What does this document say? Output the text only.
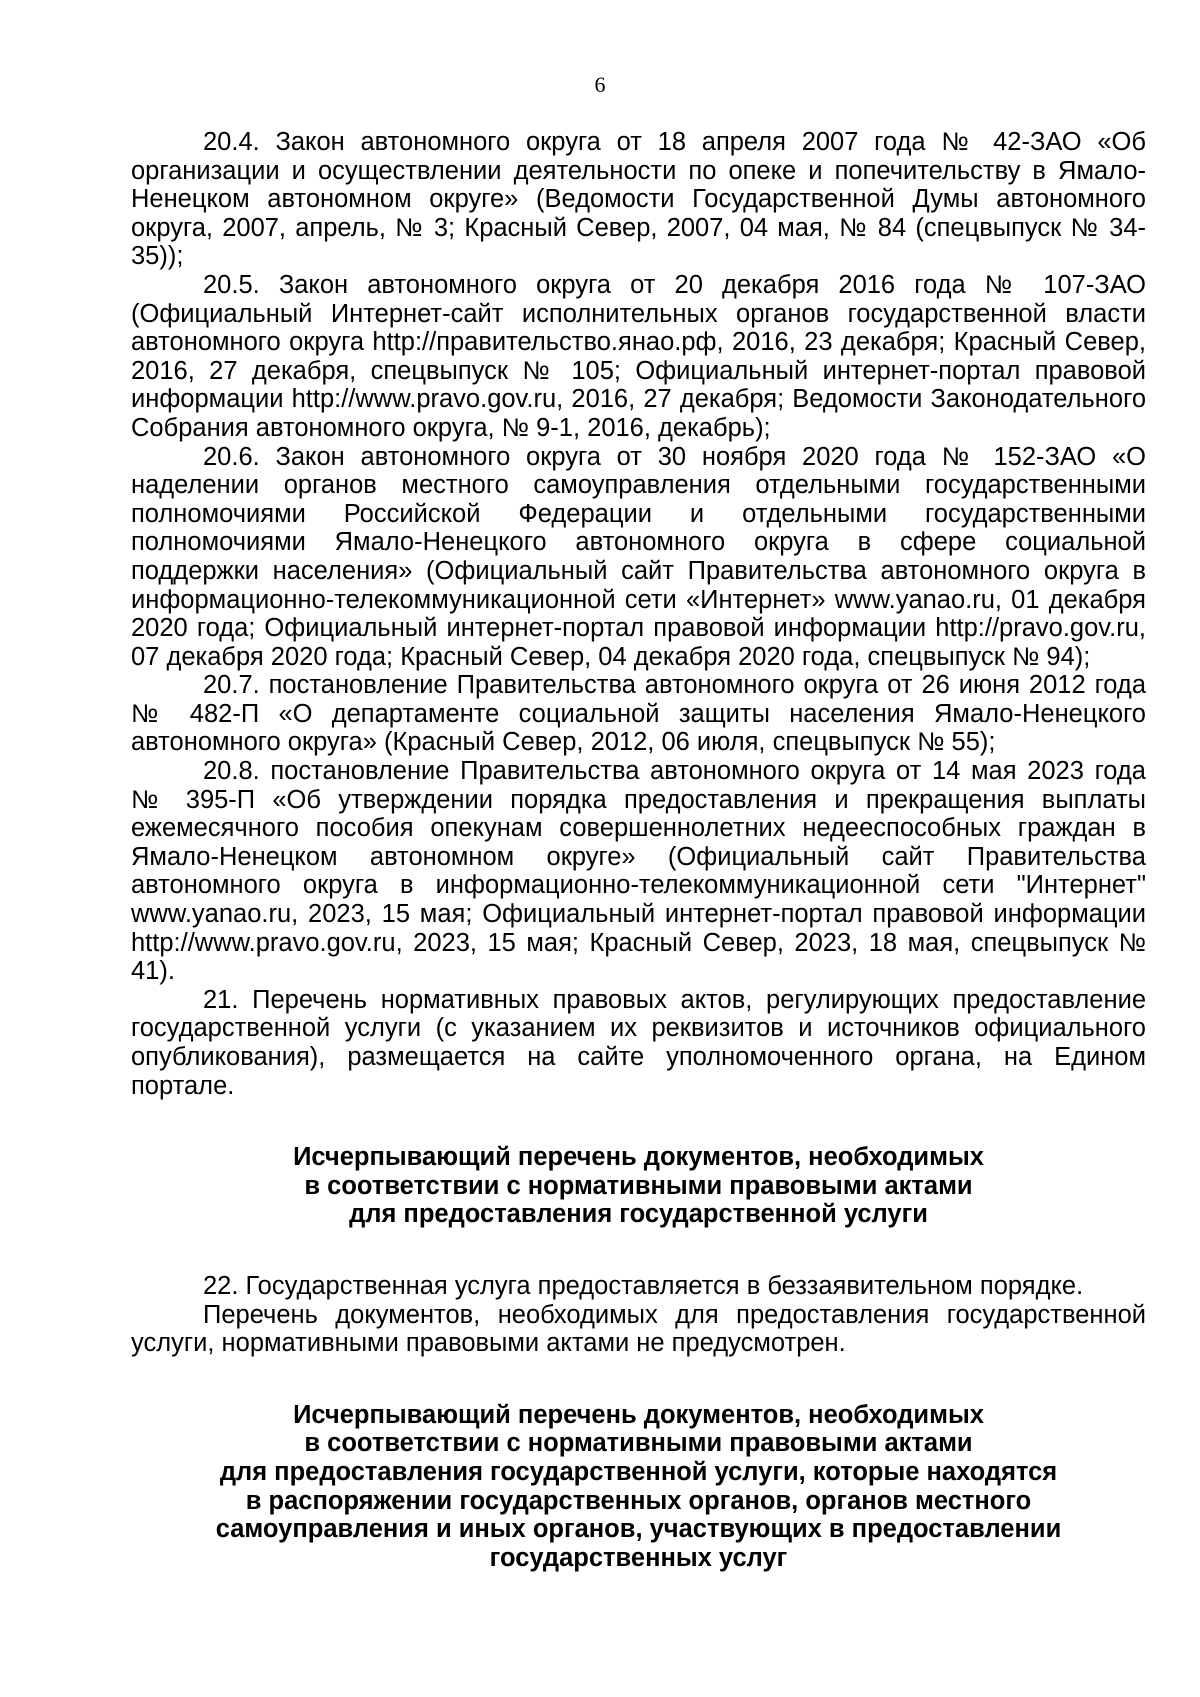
6

20.4. Закон автономного округа от 18 апреля 2007 года № 42-ЗАО «Об организации и осуществлении деятельности по опеке и попечительству в Ямало-Ненецком автономном округе» (Ведомости Государственной Думы автономного округа, 2007, апрель, № 3; Красный Север, 2007, 04 мая, № 84 (спецвыпуск № 34-35));

20.5. Закон автономного округа от 20 декабря 2016 года № 107-ЗАО (Официальный Интернет-сайт исполнительных органов государственной власти автономного округа http://правительство.янао.рф, 2016, 23 декабря; Красный Север, 2016, 27 декабря, спецвыпуск № 105; Официальный интернет-портал правовой информации http://www.pravo.gov.ru, 2016, 27 декабря; Ведомости Законодательного Собрания автономного округа, № 9-1, 2016, декабрь);

20.6. Закон автономного округа от 30 ноября 2020 года № 152-ЗАО «О наделении органов местного самоуправления отдельными государственными полномочиями Российской Федерации и отдельными государственными полномочиями Ямало-Ненецкого автономного округа в сфере социальной поддержки населения» (Официальный сайт Правительства автономного округа в информационно-телекоммуникационной сети «Интернет» www.yanao.ru, 01 декабря 2020 года; Официальный интернет-портал правовой информации http://pravo.gov.ru, 07 декабря 2020 года; Красный Север, 04 декабря 2020 года, спецвыпуск № 94);

20.7. постановление Правительства автономного округа от 26 июня 2012 года № 482-П «О департаменте социальной защиты населения Ямало-Ненецкого автономного округа» (Красный Север, 2012, 06 июля, спецвыпуск № 55);

20.8. постановление Правительства автономного округа от 14 мая 2023 года № 395-П «Об утверждении порядка предоставления и прекращения выплаты ежемесячного пособия опекунам совершеннолетних недееспособных граждан в Ямало-Ненецком автономном округе» (Официальный сайт Правительства автономного округа в информационно-телекоммуникационной сети "Интернет" www.yanao.ru, 2023, 15 мая; Официальный интернет-портал правовой информации http://www.pravo.gov.ru, 2023, 15 мая; Красный Север, 2023, 18 мая, спецвыпуск № 41).

21. Перечень нормативных правовых актов, регулирующих предоставление государственной услуги (с указанием их реквизитов и источников официального опубликования), размещается на сайте уполномоченного органа, на Едином портале.

Исчерпывающий перечень документов, необходимых
в соответствии с нормативными правовыми актами
для предоставления государственной услуги

22. Государственная услуга предоставляется в беззаявительном порядке.

Перечень документов, необходимых для предоставления государственной услуги, нормативными правовыми актами не предусмотрен.

Исчерпывающий перечень документов, необходимых
в соответствии с нормативными правовыми актами
для предоставления государственной услуги, которые находятся
в распоряжении государственных органов, органов местного
самоуправления и иных органов, участвующих в предоставлении
государственных услуг
